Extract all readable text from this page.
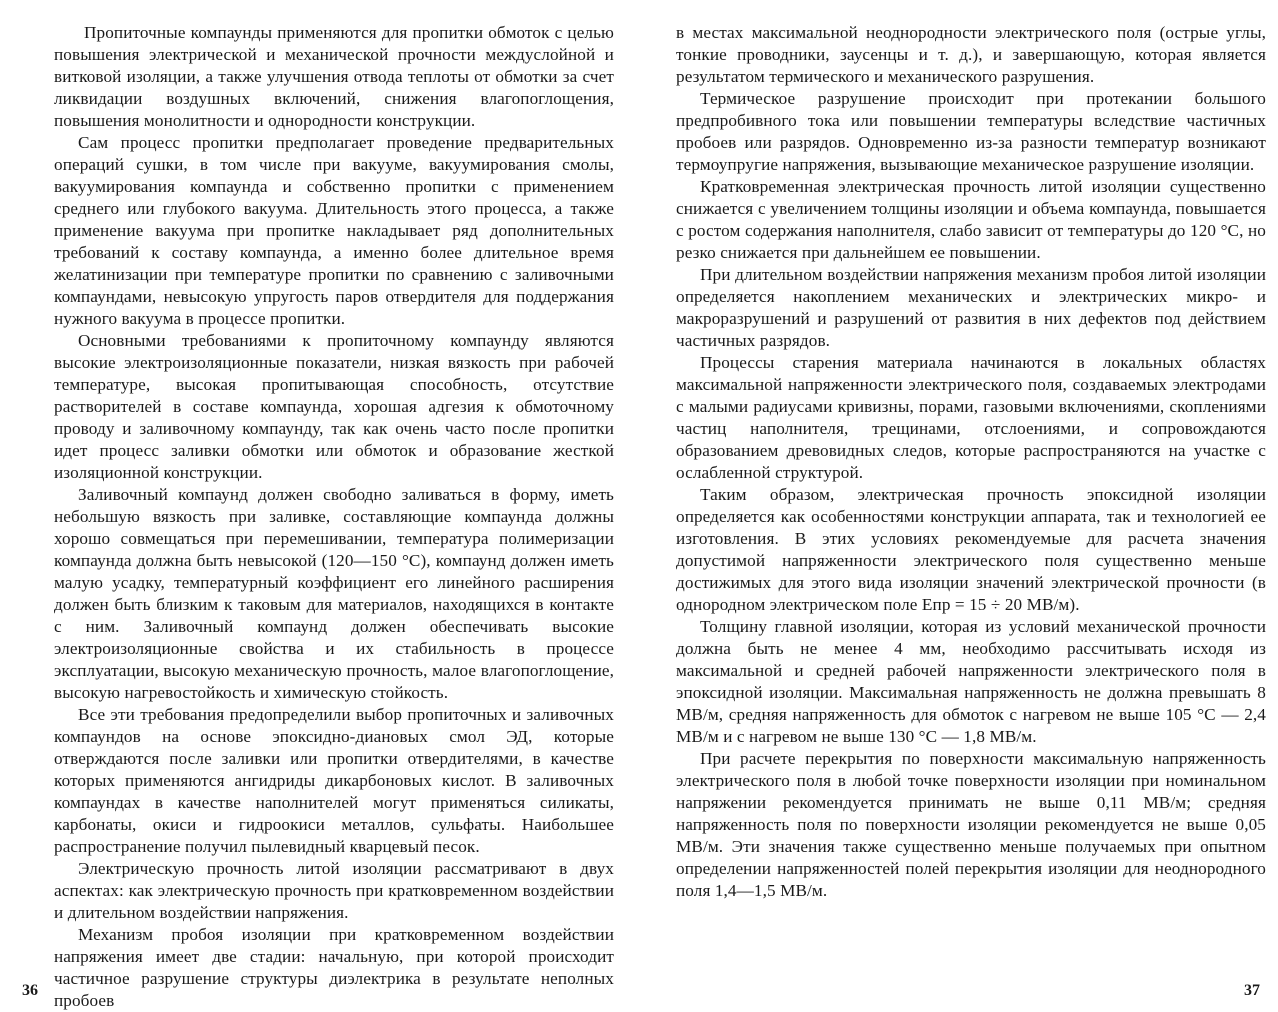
Пропиточные компаунды применяются для пропитки обмоток с целью повышения электрической и механической прочности междуслойной и витковой изоляции, а также улучшения отвода теплоты от обмотки за счет ликвидации воздушных включений, снижения влагопоглощения, повышения монолитности и однородности конструкции.

Сам процесс пропитки предполагает проведение предварительных операций сушки, в том числе при вакууме, вакуумирования смолы, вакуумирования компаунда и собственно пропитки с применением среднего или глубокого вакуума. Длительность этого процесса, а также применение вакуума при пропитке накладывает ряд дополнительных требований к составу компаунда, а именно более длительное время желатинизации при температуре пропитки по сравнению с заливочными компаундами, невысокую упругость паров отвердителя для поддержания нужного вакуума в процессе пропитки.

Основными требованиями к пропиточному компаунду являются высокие электроизоляционные показатели, низкая вязкость при рабочей температуре, высокая пропитывающая способность, отсутствие растворителей в составе компаунда, хорошая адгезия к обмоточному проводу и заливочному компаунду, так как очень часто после пропитки идет процесс заливки обмотки или обмоток и образование жесткой изоляционной конструкции.

Заливочный компаунд должен свободно заливаться в форму, иметь небольшую вязкость при заливке, составляющие компаунда должны хорошо совмещаться при перемешивании, температура полимеризации компаунда должна быть невысокой (120—150 °С), компаунд должен иметь малую усадку, температурный коэффициент его линейного расширения должен быть близким к таковым для материалов, находящихся в контакте с ним. Заливочный компаунд должен обеспечивать высокие электроизоляционные свойства и их стабильность в процессе эксплуатации, высокую механическую прочность, малое влагопоглощение, высокую нагревостойкость и химическую стойкость.

Все эти требования предопределили выбор пропиточных и заливочных компаундов на основе эпоксидно-диановых смол ЭД, которые отверждаются после заливки или пропитки отвердителями, в качестве которых применяются ангидриды дикарбоновых кислот. В заливочных компаундах в качестве наполнителей могут применяться силикаты, карбонаты, окиси и гидроокиси металлов, сульфаты. Наибольшее распространение получил пылевидный кварцевый песок.

Электрическую прочность литой изоляции рассматривают в двух аспектах: как электрическую прочность при кратковременном воздействии и длительном воздействии напряжения.

Механизм пробоя изоляции при кратковременном воздействии напряжения имеет две стадии: начальную, при которой происходит частичное разрушение структуры диэлектрика в результате неполных пробоев

в местах максимальной неоднородности электрического поля (острые углы, тонкие проводники, заусенцы и т. д.), и завершающую, которая является результатом термического и механического разрушения.

Термическое разрушение происходит при протекании большого предпробивного тока или повышении температуры вследствие частичных пробоев или разрядов. Одновременно из-за разности температур возникают термоупругие напряжения, вызывающие механическое разрушение изоляции.

Кратковременная электрическая прочность литой изоляции существенно снижается с увеличением толщины изоляции и объема компаунда, повышается с ростом содержания наполнителя, слабо зависит от температуры до 120 °С, но резко снижается при дальнейшем ее повышении.

При длительном воздействии напряжения механизм пробоя литой изоляции определяется накоплением механических и электрических микро- и макроразрушений и разрушений от развития в них дефектов под действием частичных разрядов.

Процессы старения материала начинаются в локальных областях максимальной напряженности электрического поля, создаваемых электродами с малыми радиусами кривизны, порами, газовыми включениями, скоплениями частиц наполнителя, трещинами, отслоениями, и сопровождаются образованием древовидных следов, которые распространяются на участке с ослабленной структурой.

Таким образом, электрическая прочность эпоксидной изоляции определяется как особенностями конструкции аппарата, так и технологией ее изготовления. В этих условиях рекомендуемые для расчета значения допустимой напряженности электрического поля существенно меньше достижимых для этого вида изоляции значений электрической прочности (в однородном электрическом поле Eпр = 15 ÷ 20 МВ/м).

Толщину главной изоляции, которая из условий механической прочности должна быть не менее 4 мм, необходимо рассчитывать исходя из максимальной и средней рабочей напряженности электрического поля в эпоксидной изоляции. Максимальная напряженность не должна превышать 8 МВ/м, средняя напряженность для обмоток с нагревом не выше 105 °С — 2,4 МВ/м и с нагревом не выше 130 °С — 1,8 МВ/м.

При расчете перекрытия по поверхности максимальную напряженность электрического поля в любой точке поверхности изоляции при номинальном напряжении рекомендуется принимать не выше 0,11 МВ/м; средняя напряженность поля по поверхности изоляции рекомендуется не выше 0,05 МВ/м. Эти значения также существенно меньше получаемых при опытном определении напряженностей полей перекрытия изоляции для неоднородного поля 1,4—1,5 МВ/м.

36	37
